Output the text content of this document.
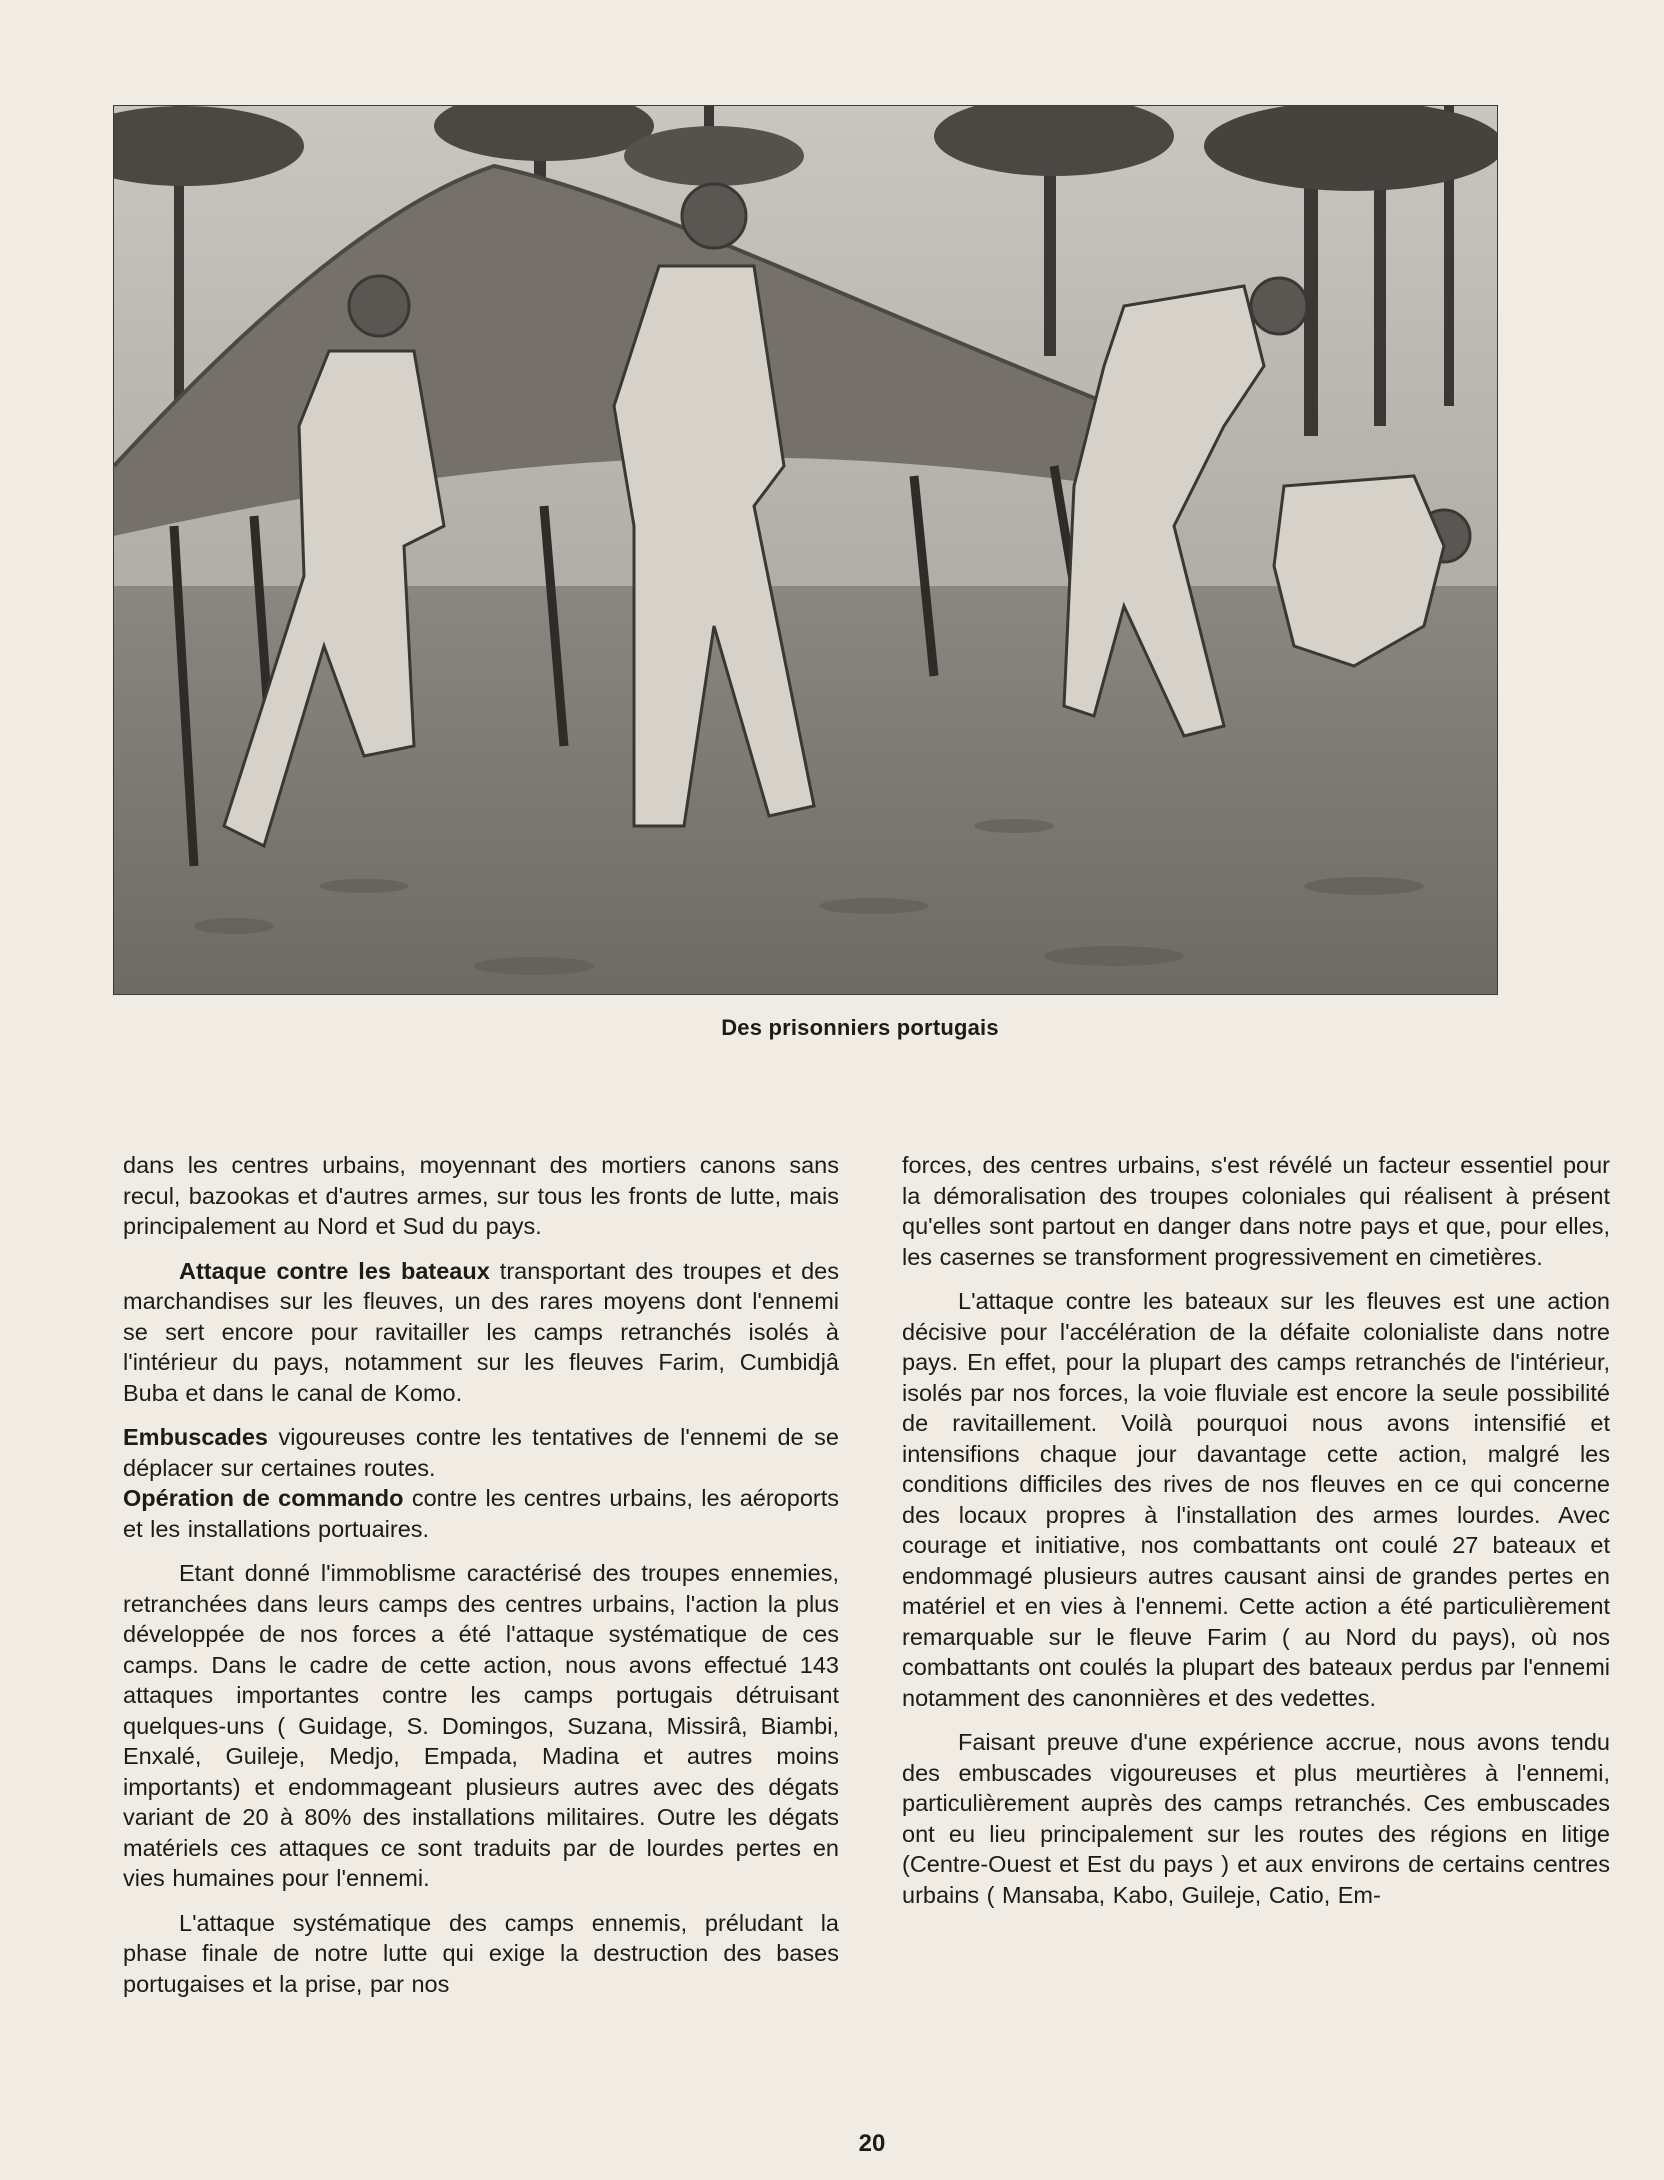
Des prisonniers portugais

dans les centres urbains, moyennant des mortiers canons sans recul, bazookas et d'autres armes, sur tous les fronts de lutte, mais principalement au Nord et Sud du pays.

Attaque contre les bateaux transportant des troupes et des marchandises sur les fleuves, un des rares moyens dont l'ennemi se sert encore pour ravitailler les camps retranchés isolés à l'intérieur du pays, notamment sur les fleuves Farim, Cumbidjâ Buba et dans le canal de Komo.

Embuscades vigoureuses contre les tentatives de l'ennemi de se déplacer sur certaines routes.

Opération de commando contre les centres urbains, les aéroports et les installations portuaires.

Etant donné l'immoblisme caractérisé des troupes ennemies, retranchées dans leurs camps des centres urbains, l'action la plus développée de nos forces a été l'attaque systématique de ces camps. Dans le cadre de cette action, nous avons effectué 143 attaques importantes contre les camps portugais détruisant quelques-uns ( Guidage, S. Domingos, Suzana, Missirâ, Biambi, Enxalé, Guileje, Medjo, Empada, Madina et autres moins importants) et endommageant plusieurs autres avec des dégats variant de 20 à 80% des installations militaires. Outre les dégats matériels ces attaques ce sont traduits par de lourdes pertes en vies humaines pour l'ennemi.

L'attaque systématique des camps ennemis, préludant la phase finale de notre lutte qui exige la destruction des bases portugaises et la prise, par nos

forces, des centres urbains, s'est révélé un facteur essentiel pour la démoralisation des troupes coloniales qui réalisent à présent qu'elles sont partout en danger dans notre pays et que, pour elles, les casernes se transforment progressivement en cimetières.

L'attaque contre les bateaux sur les fleuves est une action décisive pour l'accélération de la défaite colonialiste dans notre pays. En effet, pour la plupart des camps retranchés de l'intérieur, isolés par nos forces, la voie fluviale est encore la seule possibilité de ravitaillement. Voilà pourquoi nous avons intensifié et intensifions chaque jour davantage cette action, malgré les conditions difficiles des rives de nos fleuves en ce qui concerne des locaux propres à l'installation des armes lourdes. Avec courage et initiative, nos combattants ont coulé 27 bateaux et endommagé plusieurs autres causant ainsi de grandes pertes en matériel et en vies à l'ennemi. Cette action a été particulièrement remarquable sur le fleuve Farim ( au Nord du pays), où nos combattants ont coulés la plupart des bateaux perdus par l'ennemi notamment des canonnières et des vedettes.

Faisant preuve d'une expérience accrue, nous avons tendu des embuscades vigoureuses et plus meurtières à l'ennemi, particulièrement auprès des camps retranchés. Ces embuscades ont eu lieu principalement sur les routes des régions en litige (Centre-Ouest et Est du pays ) et aux environs de certains centres urbains ( Mansaba, Kabo, Guileje, Catio, Em-

20
